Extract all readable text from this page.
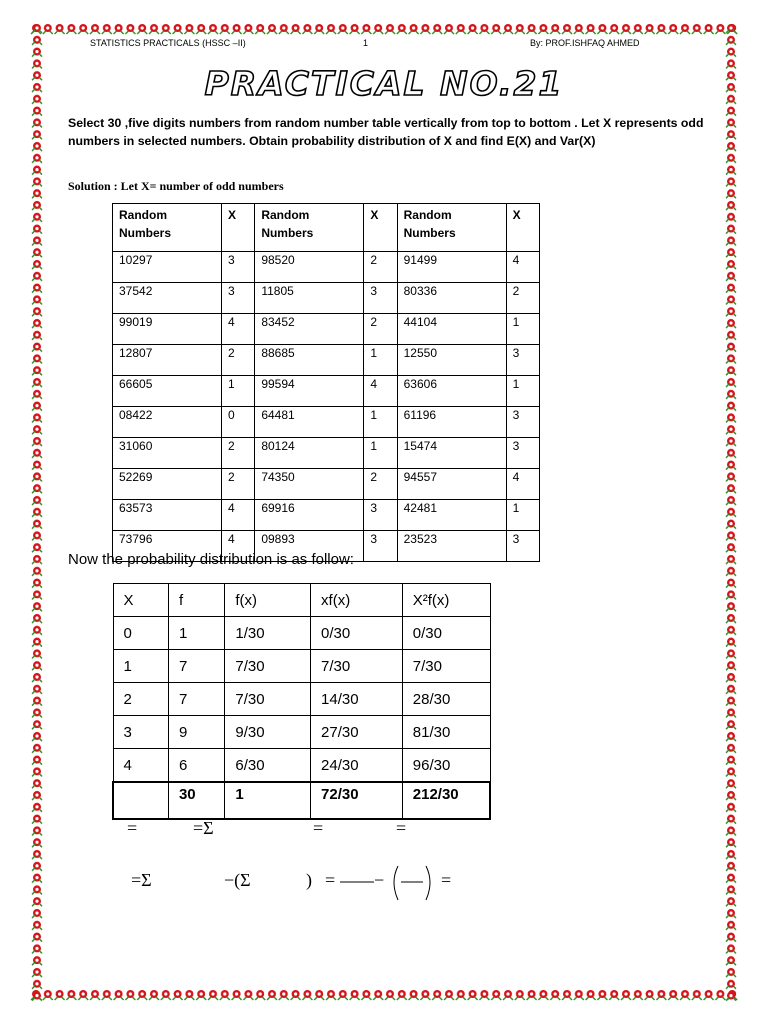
STATISTICS PRACTICALS (HSSC –II)	1	By: PROF.ISHFAQ AHMED
PRACTICAL NO.21
Select 30 ,five digits numbers from random number table vertically from top to bottom . Let X represents odd numbers in selected numbers. Obtain probability distribution of X and find E(X) and Var(X)
Solution : Let X= number of odd numbers
Random Numbers	X	Random Numbers	X	Random Numbers	X
10297	3	98520	2	91499	4
37542	3	11805	3	80336	2
99019	4	83452	2	44104	1
12807	2	88685	1	12550	3
66605	1	99594	4	63606	1
08422	0	64481	1	61196	3
31060	2	80124	1	15474	3
52269	2	74350	2	94557	4
63573	4	69916	3	42481	1
73796	4	09893	3	23523	3
Now the probability distribution is as follow:
X	f	f(x)	xf(x)	X²f(x)
0	1	1/30	0/30	0/30
1	7	7/30	7/30	7/30
2	7	7/30	14/30	28/30
3	9	9/30	27/30	81/30
4	6	6/30	24/30	96/30
	30	1	72/30	212/30
=	=Σ	=	=
=Σ	−(Σ	) = −	=
